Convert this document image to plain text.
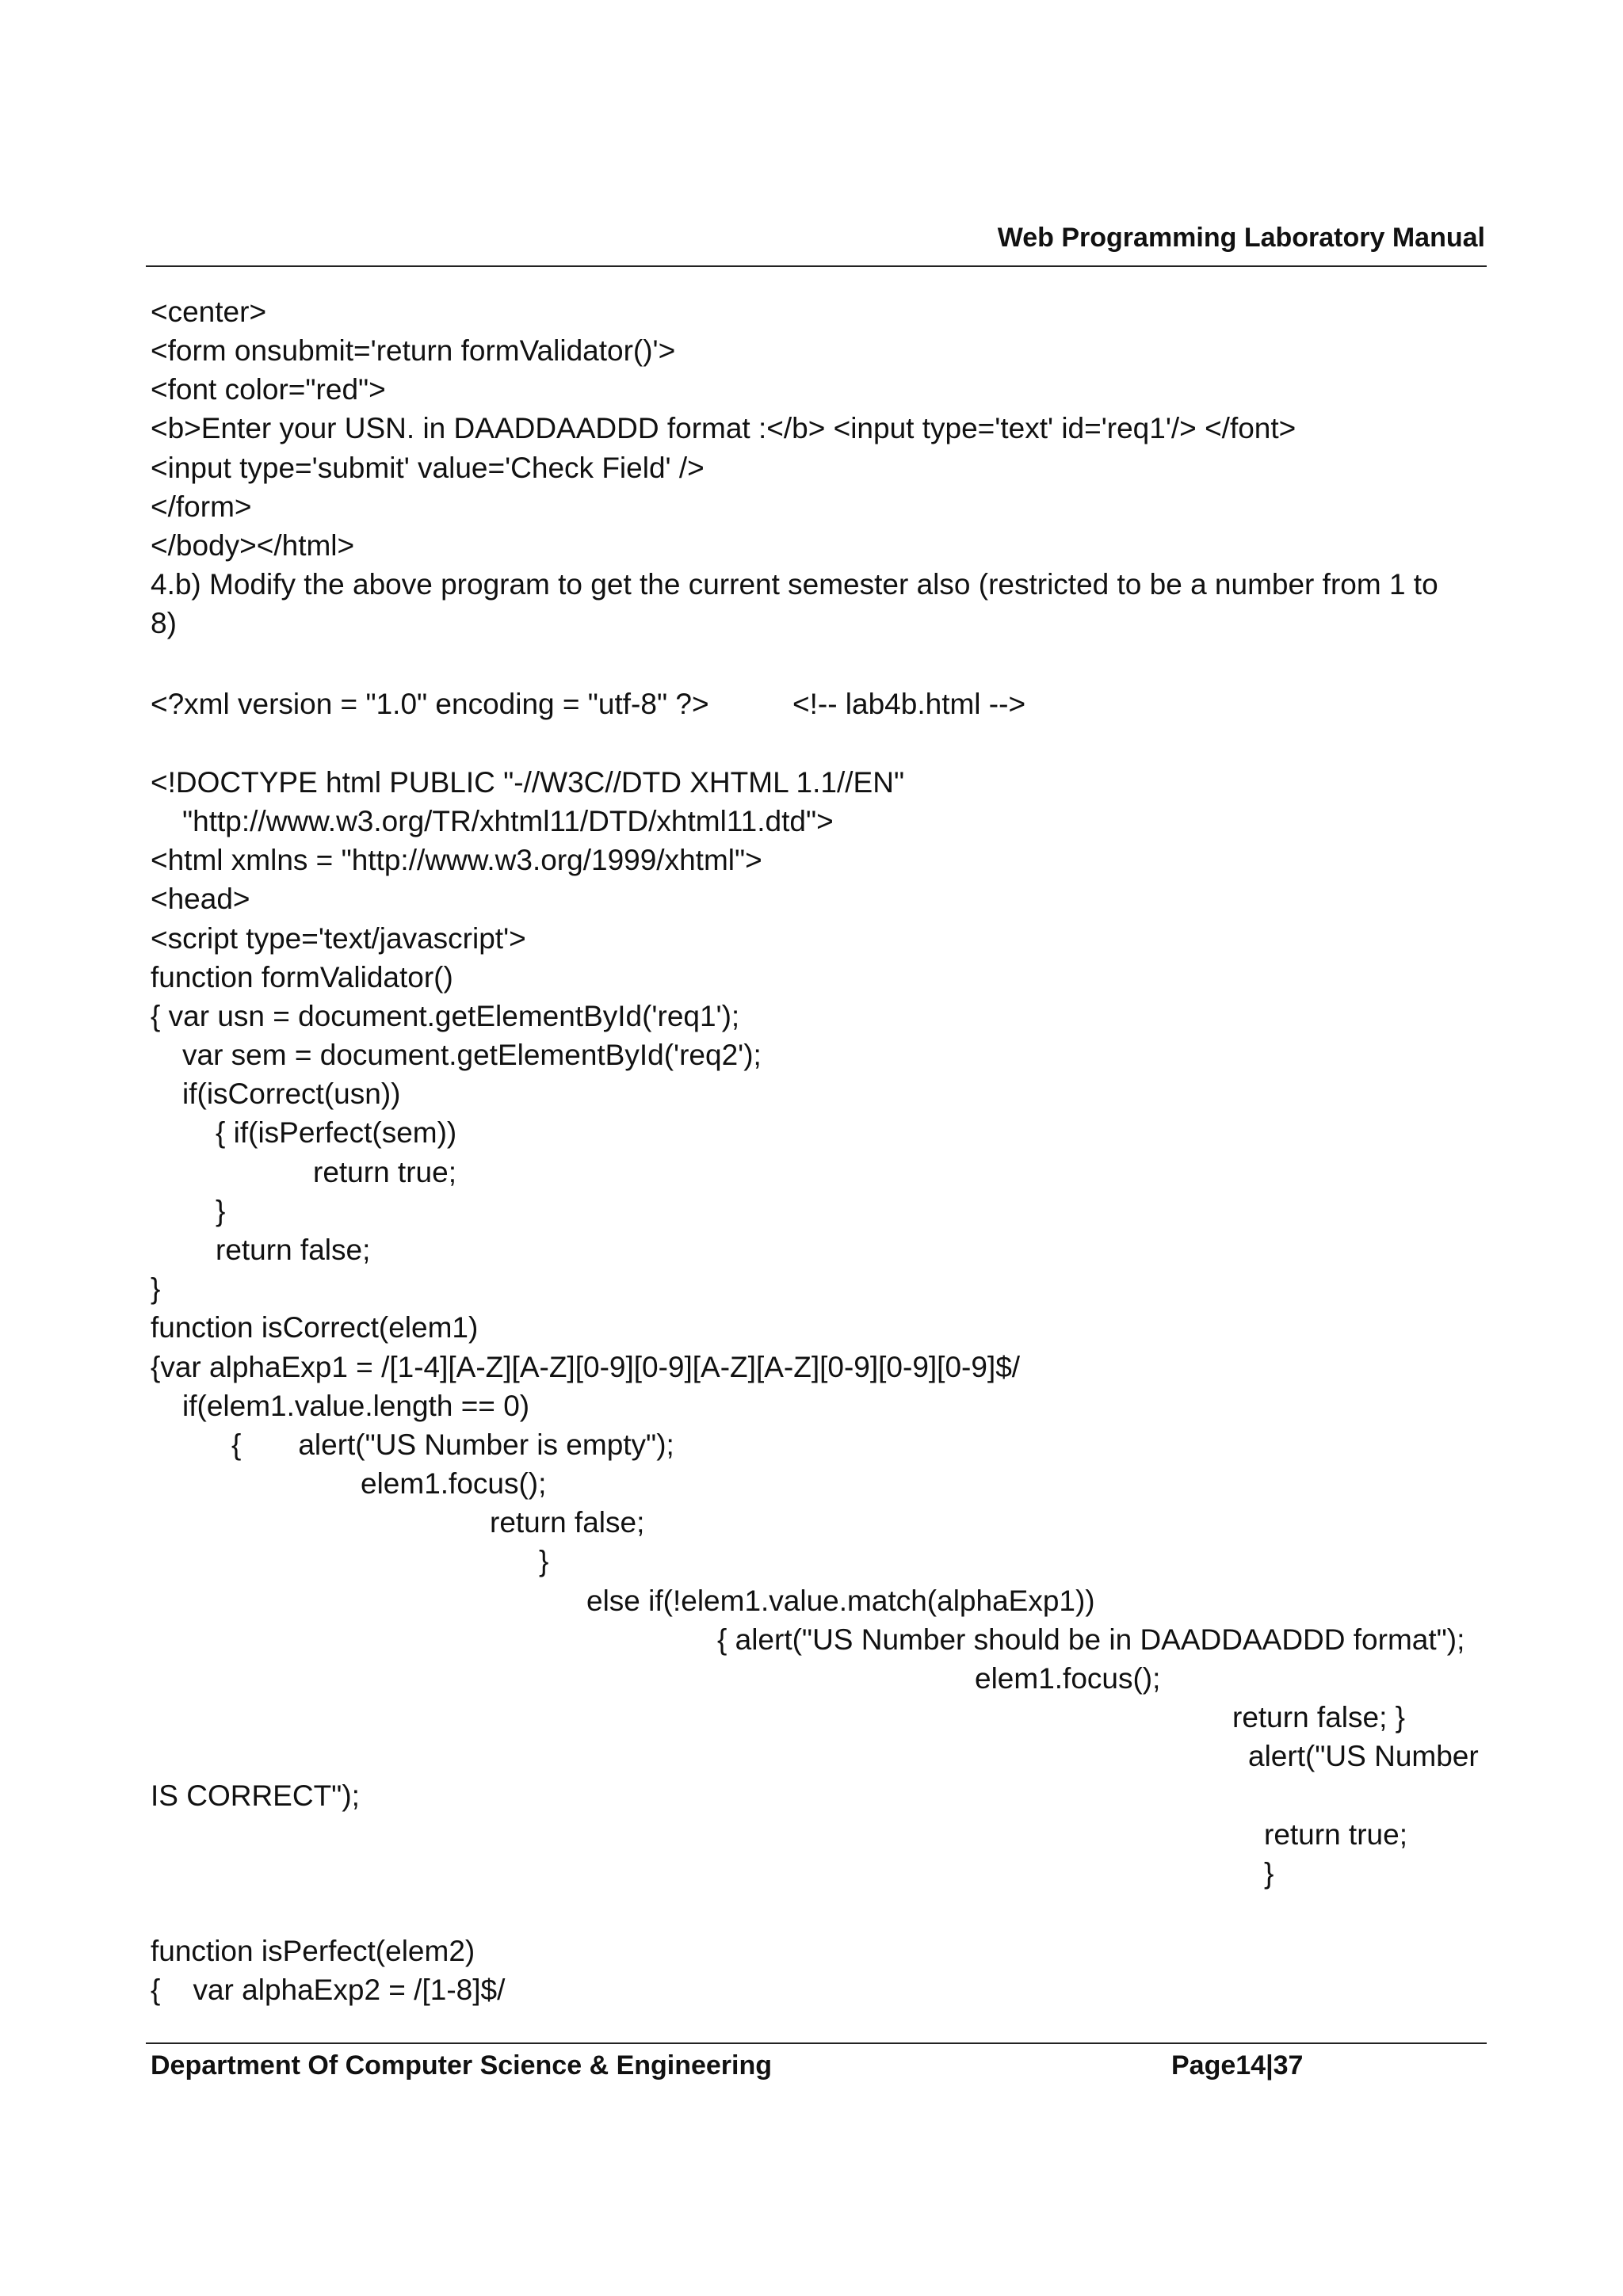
Web Programming Laboratory Manual
<center>
<form onsubmit='return formValidator()'>
<font color="red">
<b>Enter your USN. in DAADDAADDD format :</b> <input type='text' id='req1'/> </font>
<input type='submit' value='Check Field' />
</form>
</body></html>
4.b) Modify the above program to get the current semester also (restricted to be a number from 1 to
8)
<?xml version = "1.0" encoding = "utf-8" ?>	<!-- lab4b.html -->
<!DOCTYPE html PUBLIC "-//W3C//DTD XHTML 1.1//EN"
"http://www.w3.org/TR/xhtml11/DTD/xhtml11.dtd">
<html xmlns = "http://www.w3.org/1999/xhtml">
<head>
<script type='text/javascript'>
function formValidator()
{ var usn = document.getElementById('req1');
var sem = document.getElementById('req2');
if(isCorrect(usn))
{ if(isPerfect(sem))
return true;
}
return false;
}
function isCorrect(elem1)
{var alphaExp1 = /[1-4][A-Z][A-Z][0-9][0-9][A-Z][A-Z][0-9][0-9][0-9]$/
if(elem1.value.length == 0)
{       alert("US Number is empty");
elem1.focus();
return false;
}
else if(!elem1.value.match(alphaExp1))
{ alert("US Number should be in DAADDAADDD format");
elem1.focus();
return false; }
alert("US Number
IS CORRECT");
return true;
}
function isPerfect(elem2)
{    var alphaExp2 = /[1-8]$/
Department Of Computer Science & Engineering	Page14|37
